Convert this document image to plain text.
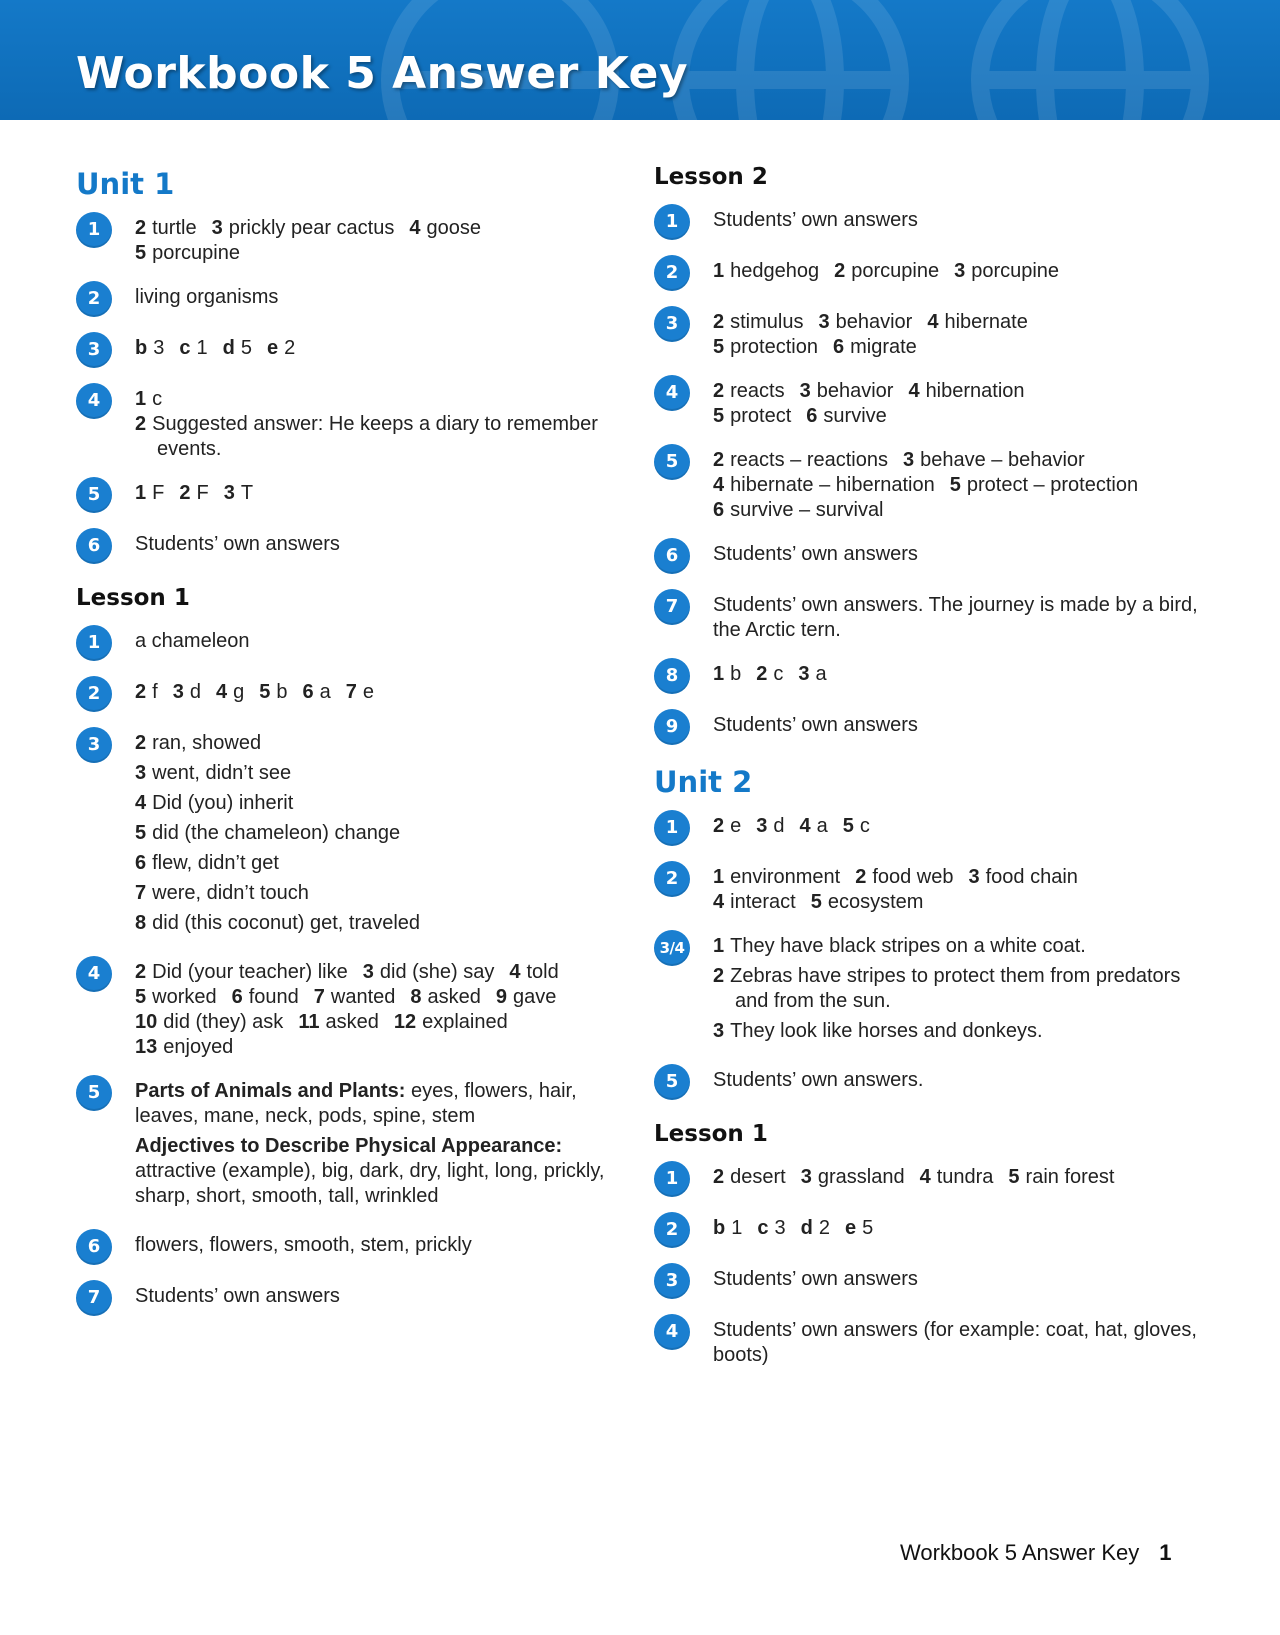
Workbook 5 Answer Key
Unit 1
1	2 turtle 3 prickly pear cactus 4 goose
5 porcupine
2	living organisms
3	b 3 c 1 d 5 e 2
4	1 c
2 Suggested answer: He keeps a diary to remember events.
5	1 F 2 F 3 T
6	Students’ own answers
Lesson 1
1	a chameleon
2	2 f 3 d 4 g 5 b 6 a 7 e
3	2 ran, showed
3 went, didn’t see
4 Did (you) inherit
5 did (the chameleon) change
6 flew, didn’t get
7 were, didn’t touch
8 did (this coconut) get, traveled
4	2 Did (your teacher) like 3 did (she) say 4 told
5 worked 6 found 7 wanted 8 asked 9 gave
10 did (they) ask 11 asked 12 explained
13 enjoyed
5	Parts of Animals and Plants: eyes, flowers, hair, leaves, mane, neck, pods, spine, stem
Adjectives to Describe Physical Appearance: attractive (example), big, dark, dry, light, long, prickly, sharp, short, smooth, tall, wrinkled
6	flowers, flowers, smooth, stem, prickly
7	Students’ own answers
Lesson 2
1	Students’ own answers
2	1 hedgehog 2 porcupine 3 porcupine
3	2 stimulus 3 behavior 4 hibernate
5 protection 6 migrate
4	2 reacts 3 behavior 4 hibernation
5 protect 6 survive
5	2 reacts – reactions 3 behave – behavior
4 hibernate – hibernation 5 protect – protection
6 survive – survival
6	Students’ own answers
7	Students’ own answers. The journey is made by a bird, the Arctic tern.
8	1 b 2 c 3 a
9	Students’ own answers
Unit 2
1	2 e 3 d 4 a 5 c
2	1 environment 2 food web 3 food chain
4 interact 5 ecosystem
3/4 1 They have black stripes on a white coat.
2 Zebras have stripes to protect them from predators and from the sun.
3 They look like horses and donkeys.
5	Students’ own answers.
Lesson 1
1	2 desert 3 grassland 4 tundra 5 rain forest
2	b 1 c 3 d 2 e 5
3	Students’ own answers
4	Students’ own answers (for example: coat, hat, gloves, boots)
Workbook 5 Answer Key 1
